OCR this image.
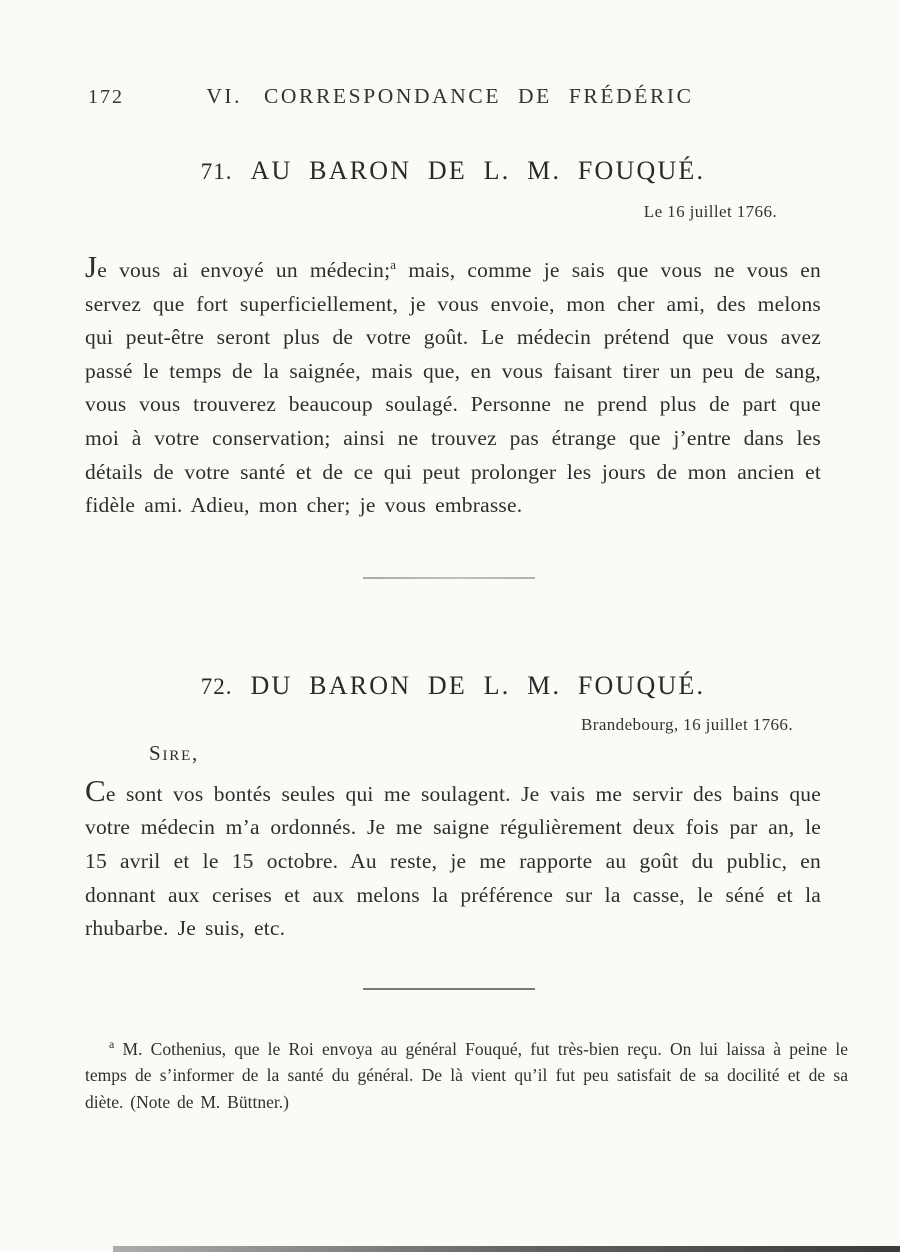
172	VI. CORRESPONDANCE DE FRÉDÉRIC
71. AU BARON DE L. M. FOUQUÉ.
Le 16 juillet 1766.

Je vous ai envoyé un médecin;$^a$ mais, comme je sais que vous ne vous en servez que fort superficiellement, je vous envoie, mon cher ami, des melons qui peut-être seront plus de votre goût. Le médecin prétend que vous avez passé le temps de la saignée, mais que, en vous faisant tirer un peu de sang, vous vous trouverez beaucoup soulagé. Personne ne prend plus de part que moi à votre conservation; ainsi ne trouvez pas étrange que j’entre dans les détails de votre santé et de ce qui peut prolonger les jours de mon ancien et fidèle ami. Adieu, mon cher; je vous embrasse.

72. DU BARON DE L. M. FOUQUÉ.
Brandebourg, 16 juillet 1766.
Sire,

Ce sont vos bontés seules qui me soulagent. Je vais me servir des bains que votre médecin m’a ordonnés. Je me saigne régulièrement deux fois par an, le 15 avril et le 15 octobre. Au reste, je me rapporte au goût du public, en donnant aux cerises et aux melons la préférence sur la casse, le séné et la rhubarbe. Je suis, etc.

$^a$ M. Cothenius, que le Roi envoya au général Fouqué, fut très-bien reçu. On lui laissa à peine le temps de s’informer de la santé du général. De là vient qu’il fut peu satisfait de sa docilité et de sa diète. (Note de M. Büttner.)
